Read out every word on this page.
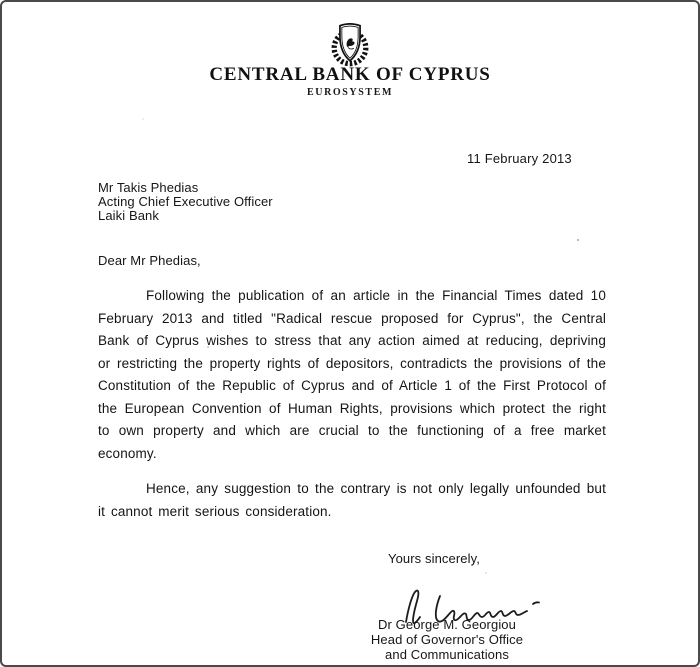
CENTRAL BANK OF CYPRUS
EUROSYSTEM
11 February 2013
Mr Takis Phedias
Acting Chief Executive Officer
Laiki Bank
Dear Mr Phedias,

Following the publication of an article in the Financial Times dated 10 February 2013 and titled "Radical rescue proposed for Cyprus", the Central Bank of Cyprus wishes to stress that any action aimed at reducing, depriving or restricting the property rights of depositors, contradicts the provisions of the Constitution of the Republic of Cyprus and of Article 1 of the First Protocol of the European Convention of Human Rights, provisions which protect the right to own property and which are crucial to the functioning of a free market economy.

Hence, any suggestion to the contrary is not only legally unfounded but it cannot merit serious consideration.

Yours sincerely,
Dr George M. Georgiou
Head of Governor's Office
and Communications
